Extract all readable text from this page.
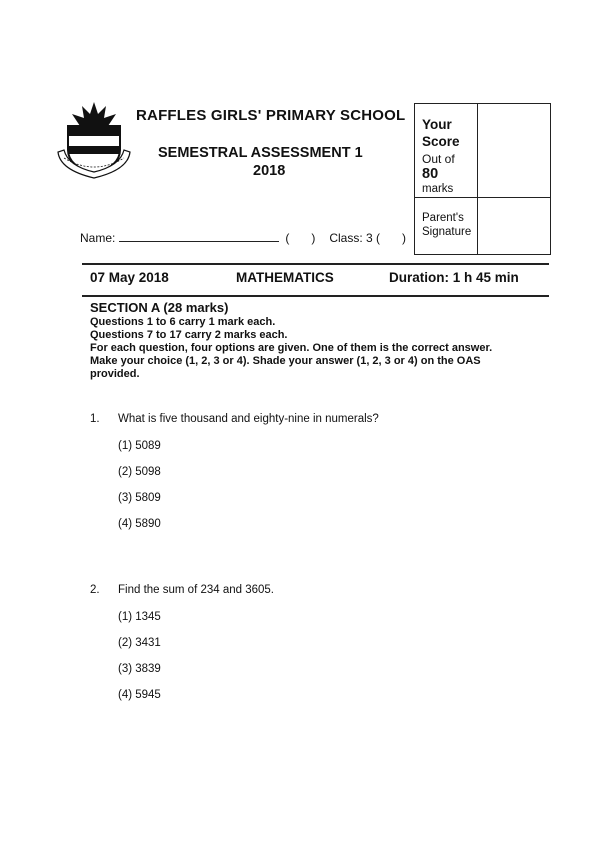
RAFFLES GIRLS' PRIMARY SCHOOL
SEMESTRAL ASSESSMENT 1
2018
Your
Score
Out of
80
marks
Parent's
Signature
Name:	( ) Class: 3 ( )
07 May 2018	MATHEMATICS	Duration: 1 h 45 min
SECTION A (28 marks)
Questions 1 to 6 carry 1 mark each.
Questions 7 to 17 carry 2 marks each.
For each question, four options are given. One of them is the correct answer.
Make your choice (1, 2, 3 or 4). Shade your answer (1, 2, 3 or 4) on the OAS provided.
1. What is five thousand and eighty-nine in numerals?
(1) 5089
(2) 5098
(3) 5809
(4) 5890
2. Find the sum of 234 and 3605.
(1) 1345
(2) 3431
(3) 3839
(4) 5945
